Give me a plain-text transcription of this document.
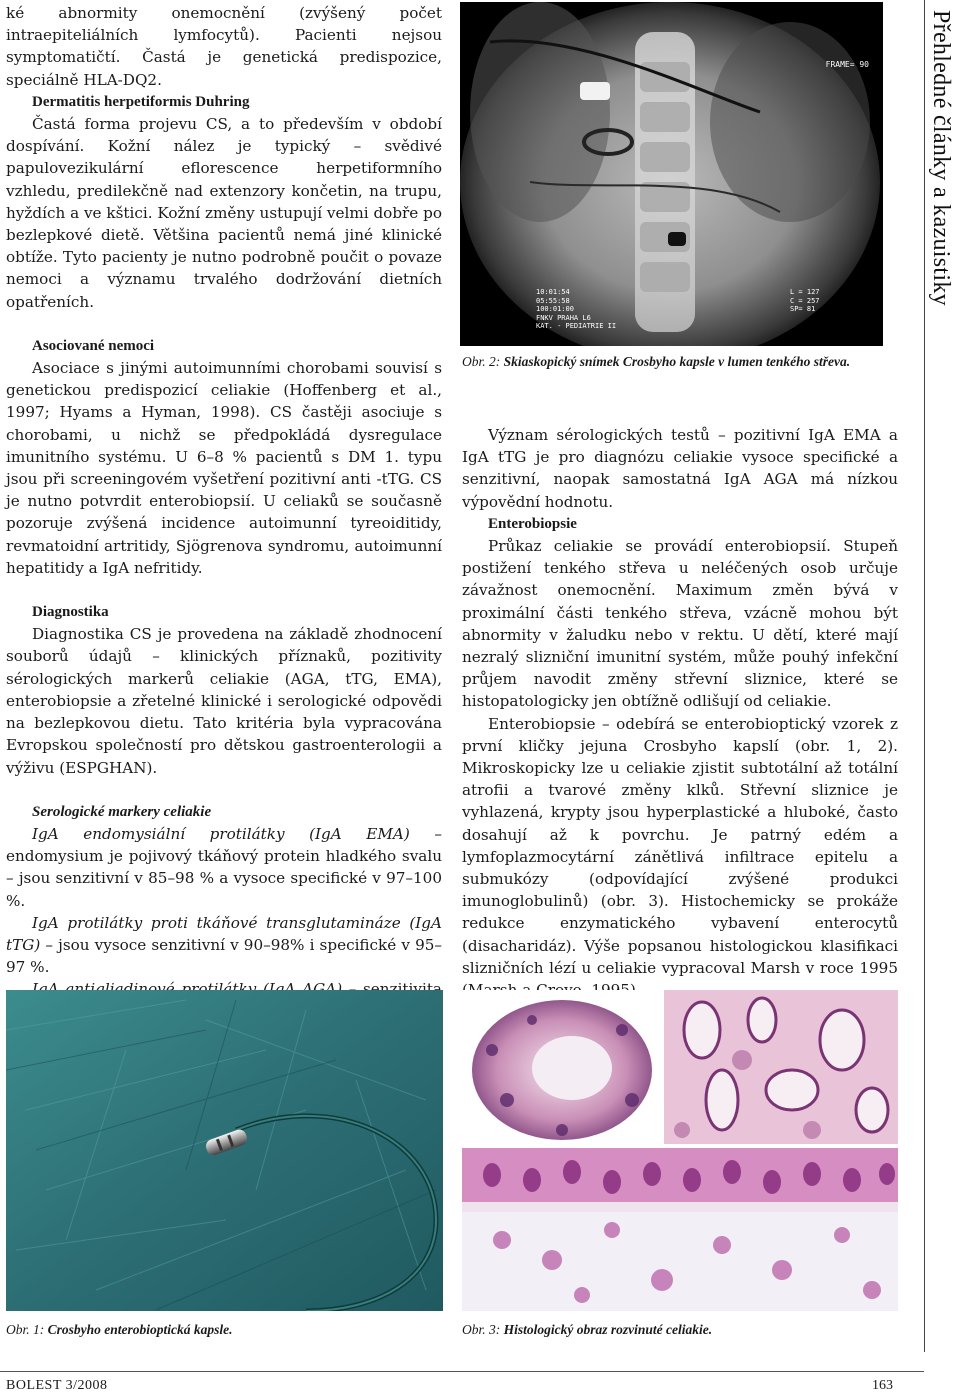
ké abnormity onemocnění (zvýšený počet intraepiteliálních lymfocytů). Pacienti nejsou symptomatičtí. Častá je genetická predispozice, speciálně HLA-DQ2.

Dermatitis herpetiformis Duhring

Častá forma projevu CS, a to především v období dospívání. Kožní nález je typický – svědivé papulovezikulární eflorescence herpetiformního vzhledu, predilekčně nad extenzory končetin, na trupu, hyždích a ve kštici. Kožní změny ustupují velmi dobře po bezlepkové dietě. Většina pacientů nemá jiné klinické obtíže. Tyto pacienty je nutno podrobně poučit o povaze nemoci a významu trvalého dodržování dietních opatřeních.

Asociované nemoci

Asociace s jinými autoimunními chorobami souvisí s genetickou predispozicí celiakie (Hoffenberg et al., 1997; Hyams a Hyman, 1998). CS častěji asociuje s chorobami, u nichž se předpokládá dysregulace imunitního systému. U 6–8 % pacientů s DM 1. typu jsou při screeningovém vyšetření pozitivní anti -tTG. CS je nutno potvrdit enterobiopsií. U celiaků se současně pozoruje zvýšená incidence autoimunní tyreoiditidy, revmatoidní artritidy, Sjögrenova syndromu, autoimunní hepatitidy a IgA nefritidy.

Diagnostika

Diagnostika CS je provedena na základě zhodnocení souborů údajů – klinických příznaků, pozitivity sérologických markerů celiakie (AGA, tTG, EMA), enterobiopsie a zřetelné klinické i serologické odpovědi na bezlepkovou dietu. Tato kritéria byla vypracována Evropskou společností pro dětskou gastroenterologii a výživu (ESPGHAN).

Serologické markery celiakie

IgA endomysiální protilátky (IgA EMA) – endomysium je pojivový tkáňový protein hladkého svalu – jsou senzitivní v 85–98 % a vysoce specifické v 97–100 %.

IgA protilátky proti tkáňové transglutamináze (IgA tTG) – jsou vysoce senzitivní v 90–98% i specifické v 95–97 %.

FRAME= 90
10:01:54
05:55:58
100:01:00
FNKV PRAHA L6
KAT. - PEDIATRIE II
L = 127
C = 257
SP= 81
Obr. 2: Skiaskopický snímek Crosbyho kapsle v lumen tenkého střeva.

Význam sérologických testů – pozitivní IgA EMA a IgA tTG je pro diagnózu celiakie vysoce specifické a senzitivní, naopak samostatná IgA AGA má nízkou výpovědní hodnotu.

Enterobiopsie

Průkaz celiakie se provádí enterobiopsií. Stupeň postižení tenkého střeva u neléčených osob určuje závažnost onemocnění. Maximum změn bývá v proximální části tenkého střeva, vzácně mohou být abnormity v žaludku nebo v rektu. U dětí, které mají nezralý slizniční imunitní systém, může pouhý infekční průjem navodit změny střevní sliznice, které se histopatologicky jen obtížně odlišují od celiakie.

Enterobiopsie – odebírá se enterobioptický vzorek z první kličky jejuna Crosbyho kapslí (obr. 1, 2). Mikroskopicky lze u celiakie zjistit subtotální až totální atrofii a tvarové změny klků. Střevní sliznice je vyhlazená, krypty jsou hyperplastické a hluboké, často dosahují až k povrchu. Je patrný edém a lymfoplazmocytární zánětlivá infiltrace epitelu a submukózy (odpovídající zvýšené produkci imunoglobulinů) (obr. 3). Histochemicky se prokáže redukce enzymatického vybavení enterocytů (disacharidáz). Výše popsanou histologickou klasifikaci slizničních lézí u celiakie vypracoval Marsh v roce 1995

Obr. 1: Crosbyho enterobioptická kapsle.	Obr. 3: Histologický obraz rozvinuté celiakie.
Přehledné články a kazuistiky
BOLEST 3/2008	163
